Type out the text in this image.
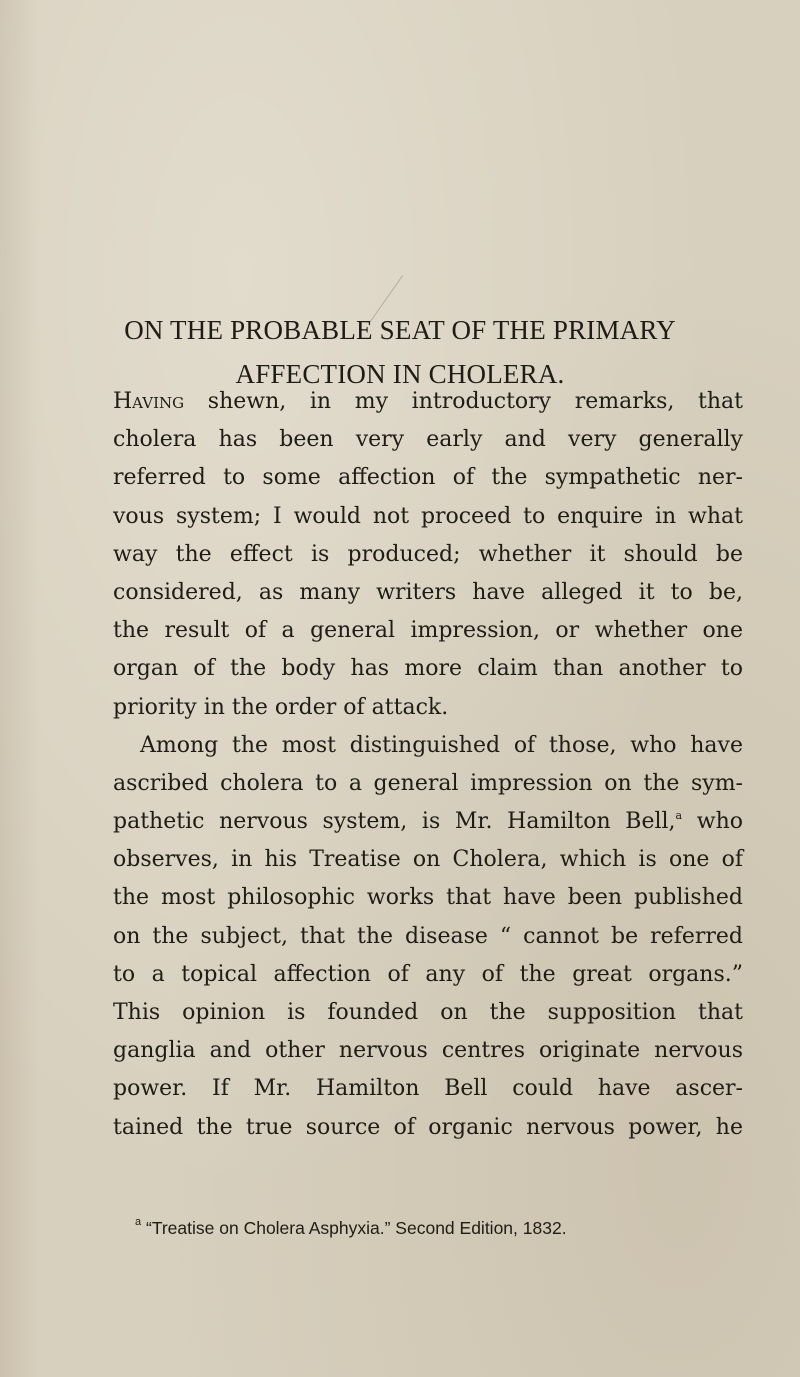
ON THE PROBABLE SEAT OF THE PRIMARY
AFFECTION IN CHOLERA.
Having shewn, in my introductory remarks, that
cholera has been very early and very generally
referred to some affection of the sympathetic ner-
vous system; I would not proceed to enquire in what
way the effect is produced; whether it should be
considered, as many writers have alleged it to be,
the result of a general impression, or whether one
organ of the body has more claim than another to
priority in the order of attack.
Among the most distinguished of those, who have
ascribed cholera to a general impression on the sym-
pathetic nervous system, is Mr. Hamilton Bell,$^a$ who
observes, in his Treatise on Cholera, which is one of
the most philosophic works that have been published
on the subject, that the disease “ cannot be referred
to a topical affection of any of the great organs.”
This opinion is founded on the supposition that
ganglia and other nervous centres originate nervous
power. If Mr. Hamilton Bell could have ascer-
tained the true source of organic nervous power, he
$^a$ “Treatise on Cholera Asphyxia.” Second Edition, 1832.
